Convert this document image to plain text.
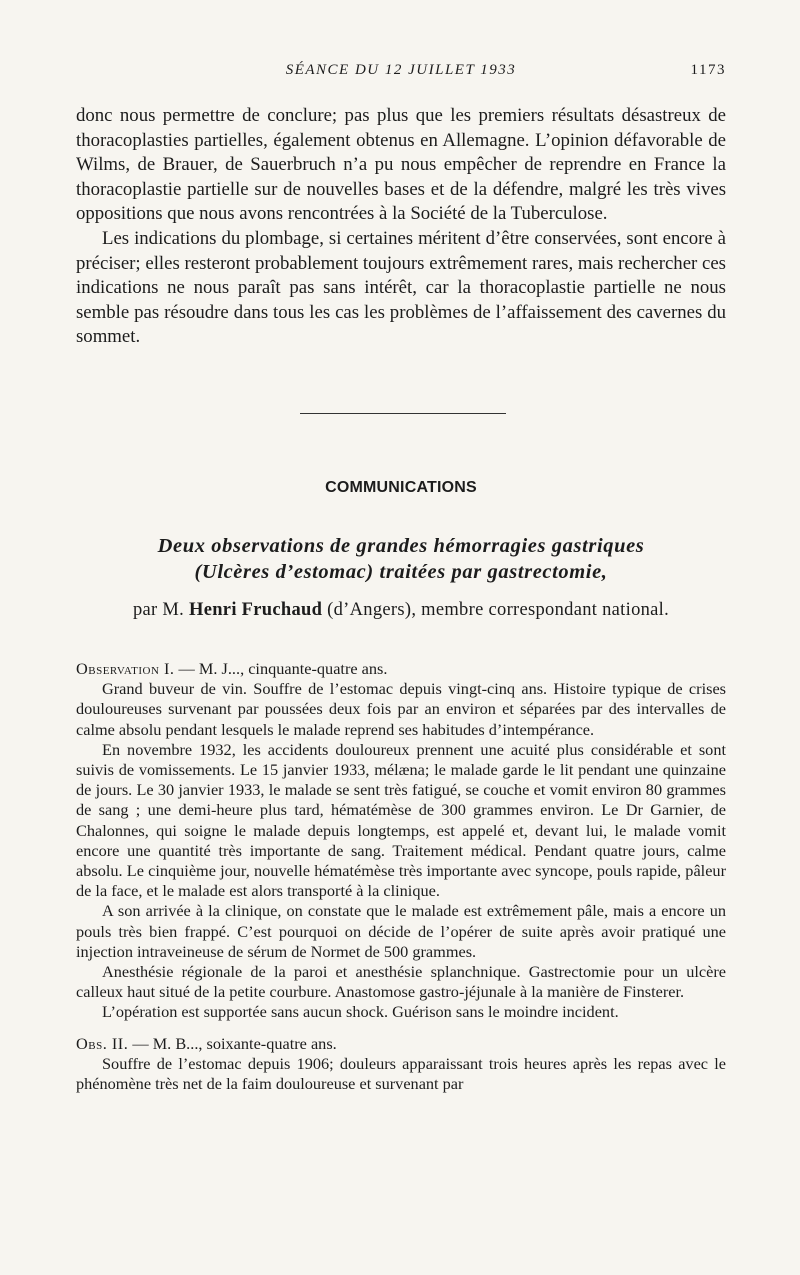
SÉANCE DU 12 JUILLET 1933	1173

donc nous permettre de conclure; pas plus que les premiers résultats désastreux de thoracoplasties partielles, également obtenus en Allemagne. L’opinion défavorable de Wilms, de Brauer, de Sauerbruch n’a pu nous empêcher de reprendre en France la thoracoplastie partielle sur de nouvelles bases et de la défendre, malgré les très vives oppositions que nous avons rencontrées à la Société de la Tuberculose.

Les indications du plombage, si certaines méritent d’être conservées, sont encore à préciser; elles resteront probablement toujours extrêmement rares, mais rechercher ces indications ne nous paraît pas sans intérêt, car la thoracoplastie partielle ne nous semble pas résoudre dans tous les cas les problèmes de l’affaissement des cavernes du sommet.

COMMUNICATIONS
Deux observations de grandes hémorragies gastriques
(Ulcères d’estomac) traitées par gastrectomie,
par M. Henri Fruchaud (d’Angers), membre correspondant national.

Observation I. — M. J..., cinquante-quatre ans.

Grand buveur de vin. Souffre de l’estomac depuis vingt-cinq ans. Histoire typique de crises douloureuses survenant par poussées deux fois par an environ et séparées par des intervalles de calme absolu pendant lesquels le malade reprend ses habitudes d’intempérance.

En novembre 1932, les accidents douloureux prennent une acuité plus considérable et sont suivis de vomissements. Le 15 janvier 1933, mélæna; le malade garde le lit pendant une quinzaine de jours. Le 30 janvier 1933, le malade se sent très fatigué, se couche et vomit environ 80 grammes de sang ; une demi-heure plus tard, hématémèse de 300 grammes environ. Le Dr Garnier, de Chalonnes, qui soigne le malade depuis longtemps, est appelé et, devant lui, le malade vomit encore une quantité très importante de sang. Traitement médical. Pendant quatre jours, calme absolu. Le cinquième jour, nouvelle hématémèse très importante avec syncope, pouls rapide, pâleur de la face, et le malade est alors transporté à la clinique.

A son arrivée à la clinique, on constate que le malade est extrêmement pâle, mais a encore un pouls très bien frappé. C’est pourquoi on décide de l’opérer de suite après avoir pratiqué une injection intraveineuse de sérum de Normet de 500 grammes.

Anesthésie régionale de la paroi et anesthésie splanchnique. Gastrectomie pour un ulcère calleux haut situé de la petite courbure. Anastomose gastro-jéjunale à la manière de Finsterer.

L’opération est supportée sans aucun shock. Guérison sans le moindre incident.

Obs. II. — M. B..., soixante-quatre ans.

Souffre de l’estomac depuis 1906; douleurs apparaissant trois heures après les repas avec le phénomène très net de la faim douloureuse et survenant par
